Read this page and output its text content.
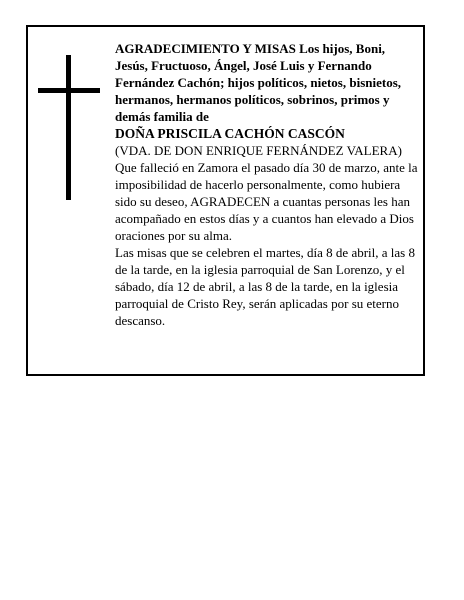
AGRADECIMIENTO Y MISAS Los hijos, Boni, Jesús, Fructuoso, Ángel, José Luis y Fernando Fernández Cachón; hijos políticos, nietos, bisnietos, hermanos, hermanos políticos, sobrinos, primos y demás familia de

DOÑA PRISCILA CACHÓN CASCÓN

(VDA. DE DON ENRIQUE FERNÁNDEZ VALERA)

Que falleció en Zamora el pasado día 30 de marzo, ante la imposibilidad de hacerlo personalmente, como hubiera sido su deseo, AGRADECEN a cuantas personas les han acompañado en estos días y a cuantos han elevado a Dios oraciones por su alma.

Las misas que se celebren el martes, día 8 de abril, a las 8 de la tarde, en la iglesia parroquial de San Lorenzo, y el sábado, día 12 de abril, a las 8 de la tarde, en la iglesia parroquial de Cristo Rey, serán aplicadas por su eterno descanso.
